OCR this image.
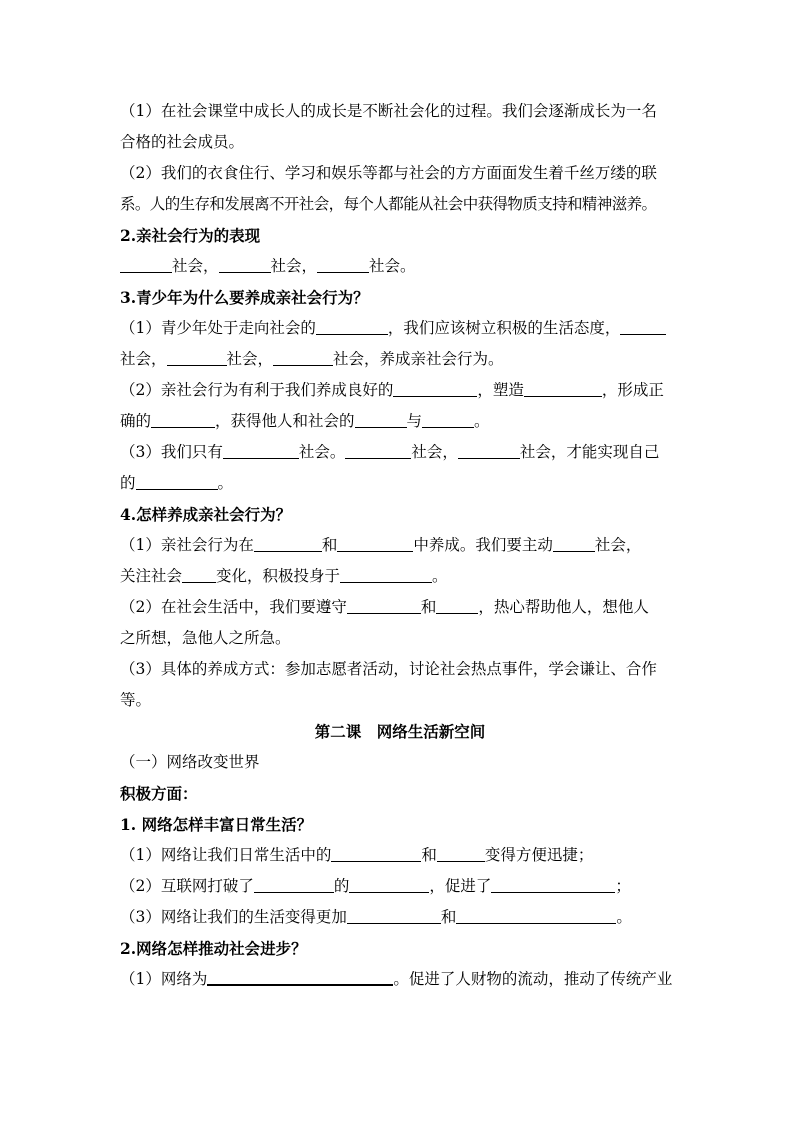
（1）在社会课堂中成长人的成长是不断社会化的过程。我们会逐渐成长为一名
合格的社会成员。
（2）我们的衣食住行、学习和娱乐等都与社会的方方面面发生着千丝万缕的联
系。人的生存和发展离不开社会，每个人都能从社会中获得物质支持和精神滋养。
2.亲社会行为的表现
社会，	社会，	社会。
3.青少年为什么要养成亲社会行为？
（1）青少年处于走向社会的	，我们应该树立积极的生活态度，
社会，	社会，	社会，养成亲社会行为。
（2）亲社会行为有利于我们养成良好的	，塑造	，形成正
确的	，获得他人和社会的	与	。
（3）我们只有	社会。	社会，	社会，才能实现自己
的	。
4.怎样养成亲社会行为？
（1）亲社会行为在	和	中养成。我们要主动	社会，
关注社会 变化，积极投身于	。
（2）在社会生活中，我们要遵守	和	，热心帮助他人，想他人
之所想，急他人之所急。
（3）具体的养成方式：参加志愿者活动，讨论社会热点事件，学会谦让、合作
等。
第二课　网络生活新空间
（一）网络改变世界
积极方面：
1. 网络怎样丰富日常生活？
（1）网络让我们日常生活中的	和	变得方便迅捷；
（2）互联网打破了	的	，促进了	；
（3）网络让我们的生活变得更加	和	。
2.网络怎样推动社会进步？
（1）网络为	。促进了人财物的流动，推动了传统产业
